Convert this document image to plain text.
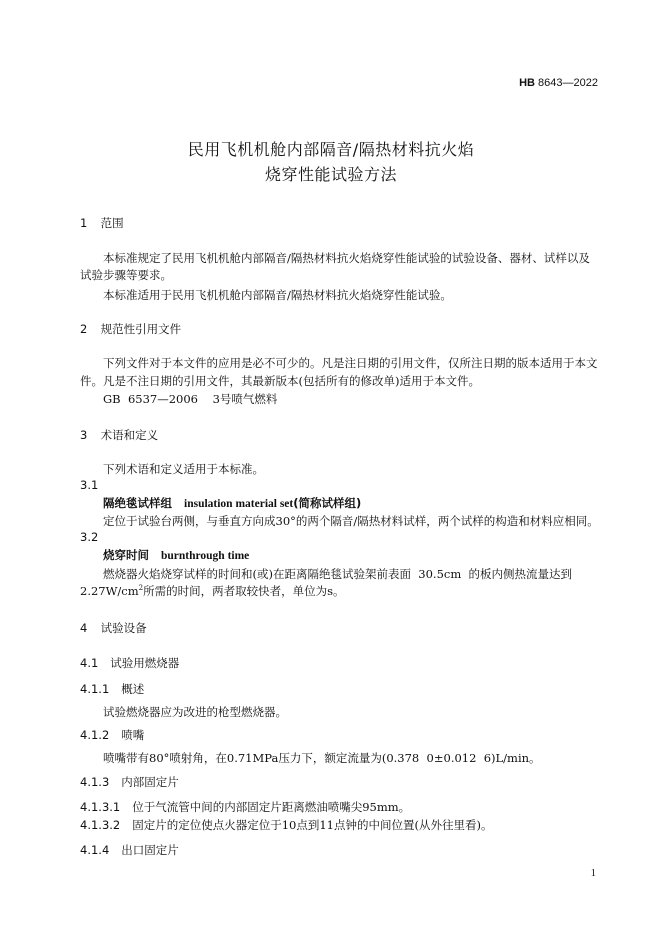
HB 8643—2022
民用飞机机舱内部隔音/隔热材料抗火焰
烧穿性能试验方法
1 范围
本标准规定了民用飞机机舱内部隔音/隔热材料抗火焰烧穿性能试验的试验设备、器材、试样以及
试验步骤等要求。
本标准适用于民用飞机机舱内部隔音/隔热材料抗火焰烧穿性能试验。
2 规范性引用文件
下列文件对于本文件的应用是必不可少的。凡是注日期的引用文件，仅所注日期的版本适用于本文
件。凡是不注日期的引用文件，其最新版本(包括所有的修改单)适用于本文件。
GB  6537—2006    3号喷气燃料
3 术语和定义
下列术语和定义适用于本标准。
3.1
隔绝毯试样组 insulation material set(简称试样组)
定位于试验台两侧，与垂直方向成30°的两个隔音/隔热材料试样，两个试样的构造和材料应相同。
3.2
烧穿时间 burnthrough time
燃烧器火焰烧穿试样的时间和(或)在距离隔绝毯试验架前表面  30.5cm  的板内侧热流量达到
$2.27W/cm^2$所需的时间，两者取较快者，单位为s。
4 试验设备
4.1 试验用燃烧器
4.1.1 概述
试验燃烧器应为改进的枪型燃烧器。
4.1.2 喷嘴
喷嘴带有80°喷射角，在0.71MPa压力下，额定流量为(0.378  0±0.012  6)L/min。
4.1.3 内部固定片
4.1.3.1 位于气流管中间的内部固定片距离燃油喷嘴尖95mm。
4.1.3.2 固定片的定位使点火器定位于10点到11点钟的中间位置(从外往里看)。
4.1.4 出口固定片
1
